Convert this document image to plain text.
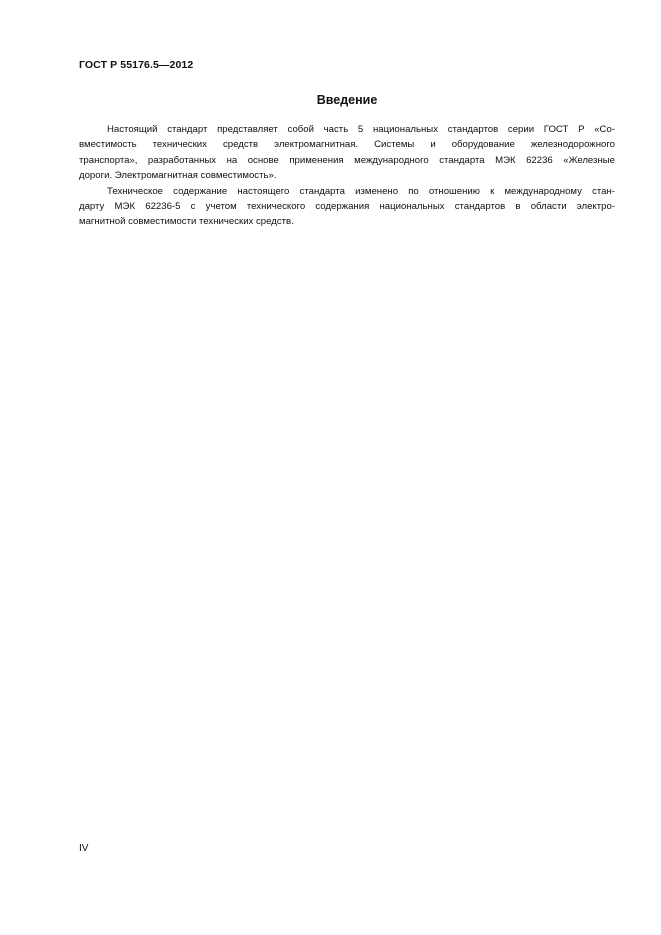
ГОСТ Р 55176.5—2012
Введение
Настоящий стандарт представляет собой часть 5 национальных стандартов серии ГОСТ Р «Со-
вместимость технических средств электромагнитная. Системы и оборудование железнодорожного
транспорта», разработанных на основе применения международного стандарта МЭК 62236 «Железные
дороги. Электромагнитная совместимость».
Техническое содержание настоящего стандарта изменено по отношению к международному стан-
дарту МЭК 62236-5 с учетом технического содержания национальных стандартов в области электро-
магнитной совместимости технических средств.
IV
